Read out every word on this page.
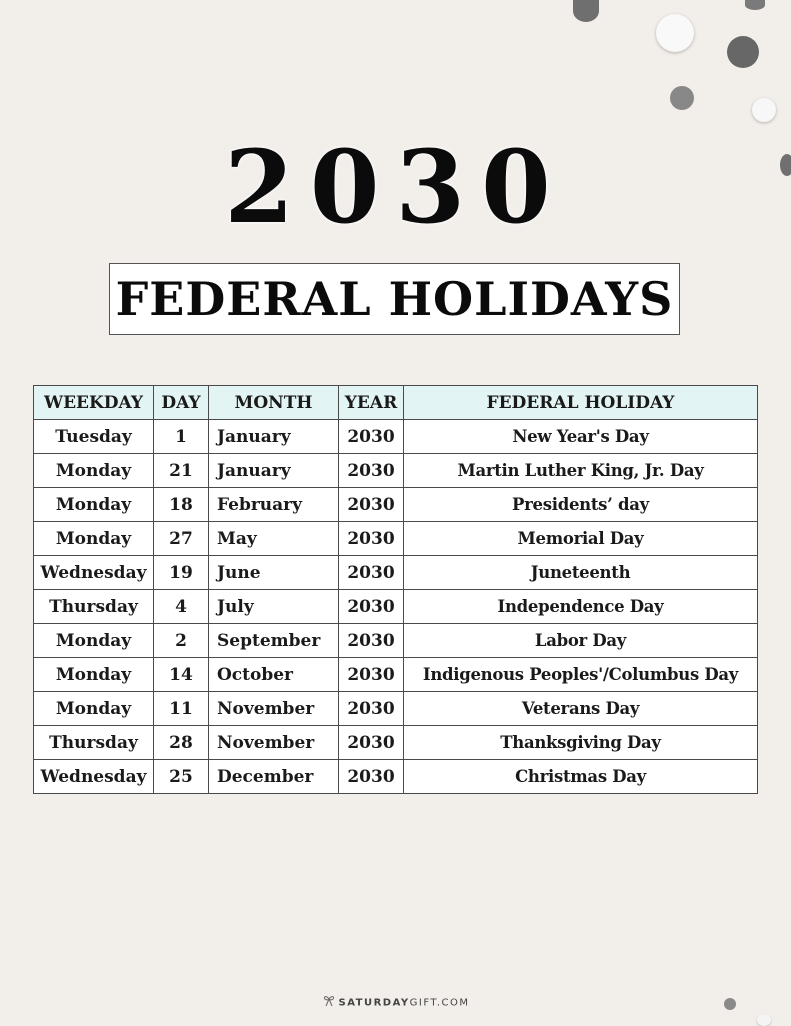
2030
FEDERAL HOLIDAYS
WEEKDAY	DAY	MONTH	YEAR	FEDERAL HOLIDAY
Tuesday	1	January	2030	New Year's Day
Monday	21	January	2030	Martin Luther King, Jr. Day
Monday	18	February	2030	Presidents’ day
Monday	27	May	2030	Memorial Day
Wednesday	19	June	2030	Juneteenth
Thursday	4	July	2030	Independence Day
Monday	2	September	2030	Labor Day
Monday	14	October	2030	Indigenous Peoples'/Columbus Day
Monday	11	November	2030	Veterans Day
Thursday	28	November	2030	Thanksgiving Day
Wednesday	25	December	2030	Christmas Day
SATURDAYGIFT.COM
